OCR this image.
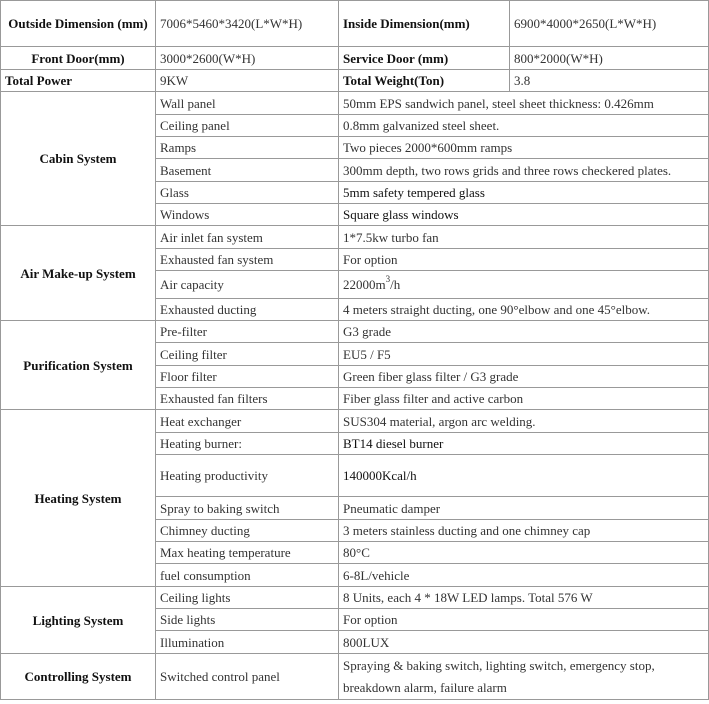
Outside Dimension (mm)	7006*5460*3420(L*W*H)	Inside Dimension(mm)	6900*4000*2650(L*W*H)
Front Door(mm)	3000*2600(W*H)	Service Door (mm)	800*2000(W*H)
Total Power	9KW	Total Weight(Ton)	3.8
Cabin System	Wall panel	50mm EPS sandwich panel, steel sheet thickness: 0.426mm	
	Ceiling panel	0.8mm galvanized steel sheet.	
	Ramps	Two pieces 2000*600mm ramps	
	Basement	300mm depth, two rows grids and three rows checkered plates.	
	Glass	5mm safety tempered glass	
	Windows	Square glass windows	
Air Make-up System	Air inlet fan system	1*7.5kw turbo fan	
	Exhausted fan system	For option	
	Air capacity	$22000m^3/h$	
	Exhausted ducting	4 meters straight ducting, one 90°elbow and one 45°elbow.	
Purification System	Pre-filter	G3 grade	
	Ceiling filter	EU5 / F5	
	Floor filter	Green fiber glass filter / G3 grade	
	Exhausted fan filters	Fiber glass filter and active carbon	
Heating System	Heat exchanger	SUS304 material, argon arc welding.	
	Heating burner:	BT14 diesel burner	
	Heating productivity	140000Kcal/h	
	Spray to baking switch	Pneumatic damper	
	Chimney ducting	3 meters stainless ducting and one chimney cap	
	Max heating temperature	80°C	
	fuel consumption	6-8L/vehicle	
Lighting System	Ceiling lights	8 Units, each 4 * 18W LED lamps. Total 576 W	
	Side lights	For option	
	Illumination	800LUX	
Controlling System	Switched control panel	Spraying & baking switch, lighting switch, emergency stop, breakdown alarm, failure alarm	
